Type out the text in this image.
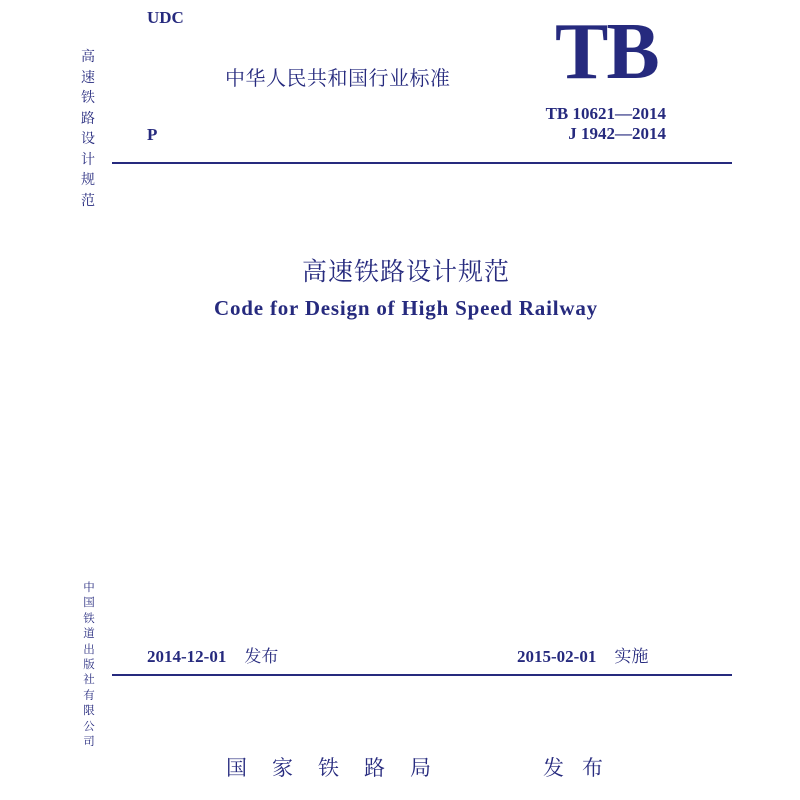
高
速
铁
路
设
计
规
范
中
国
铁
道
出
版
社
有
限
公
司
UDC
中华人民共和国行业标准 TB
TB 10621—2014
J 1942—2014
P
高速铁路设计规范
Code for Design of High Speed Railway
2014-12-01 发布	2015-02-01 实施
国家铁路局	发布
